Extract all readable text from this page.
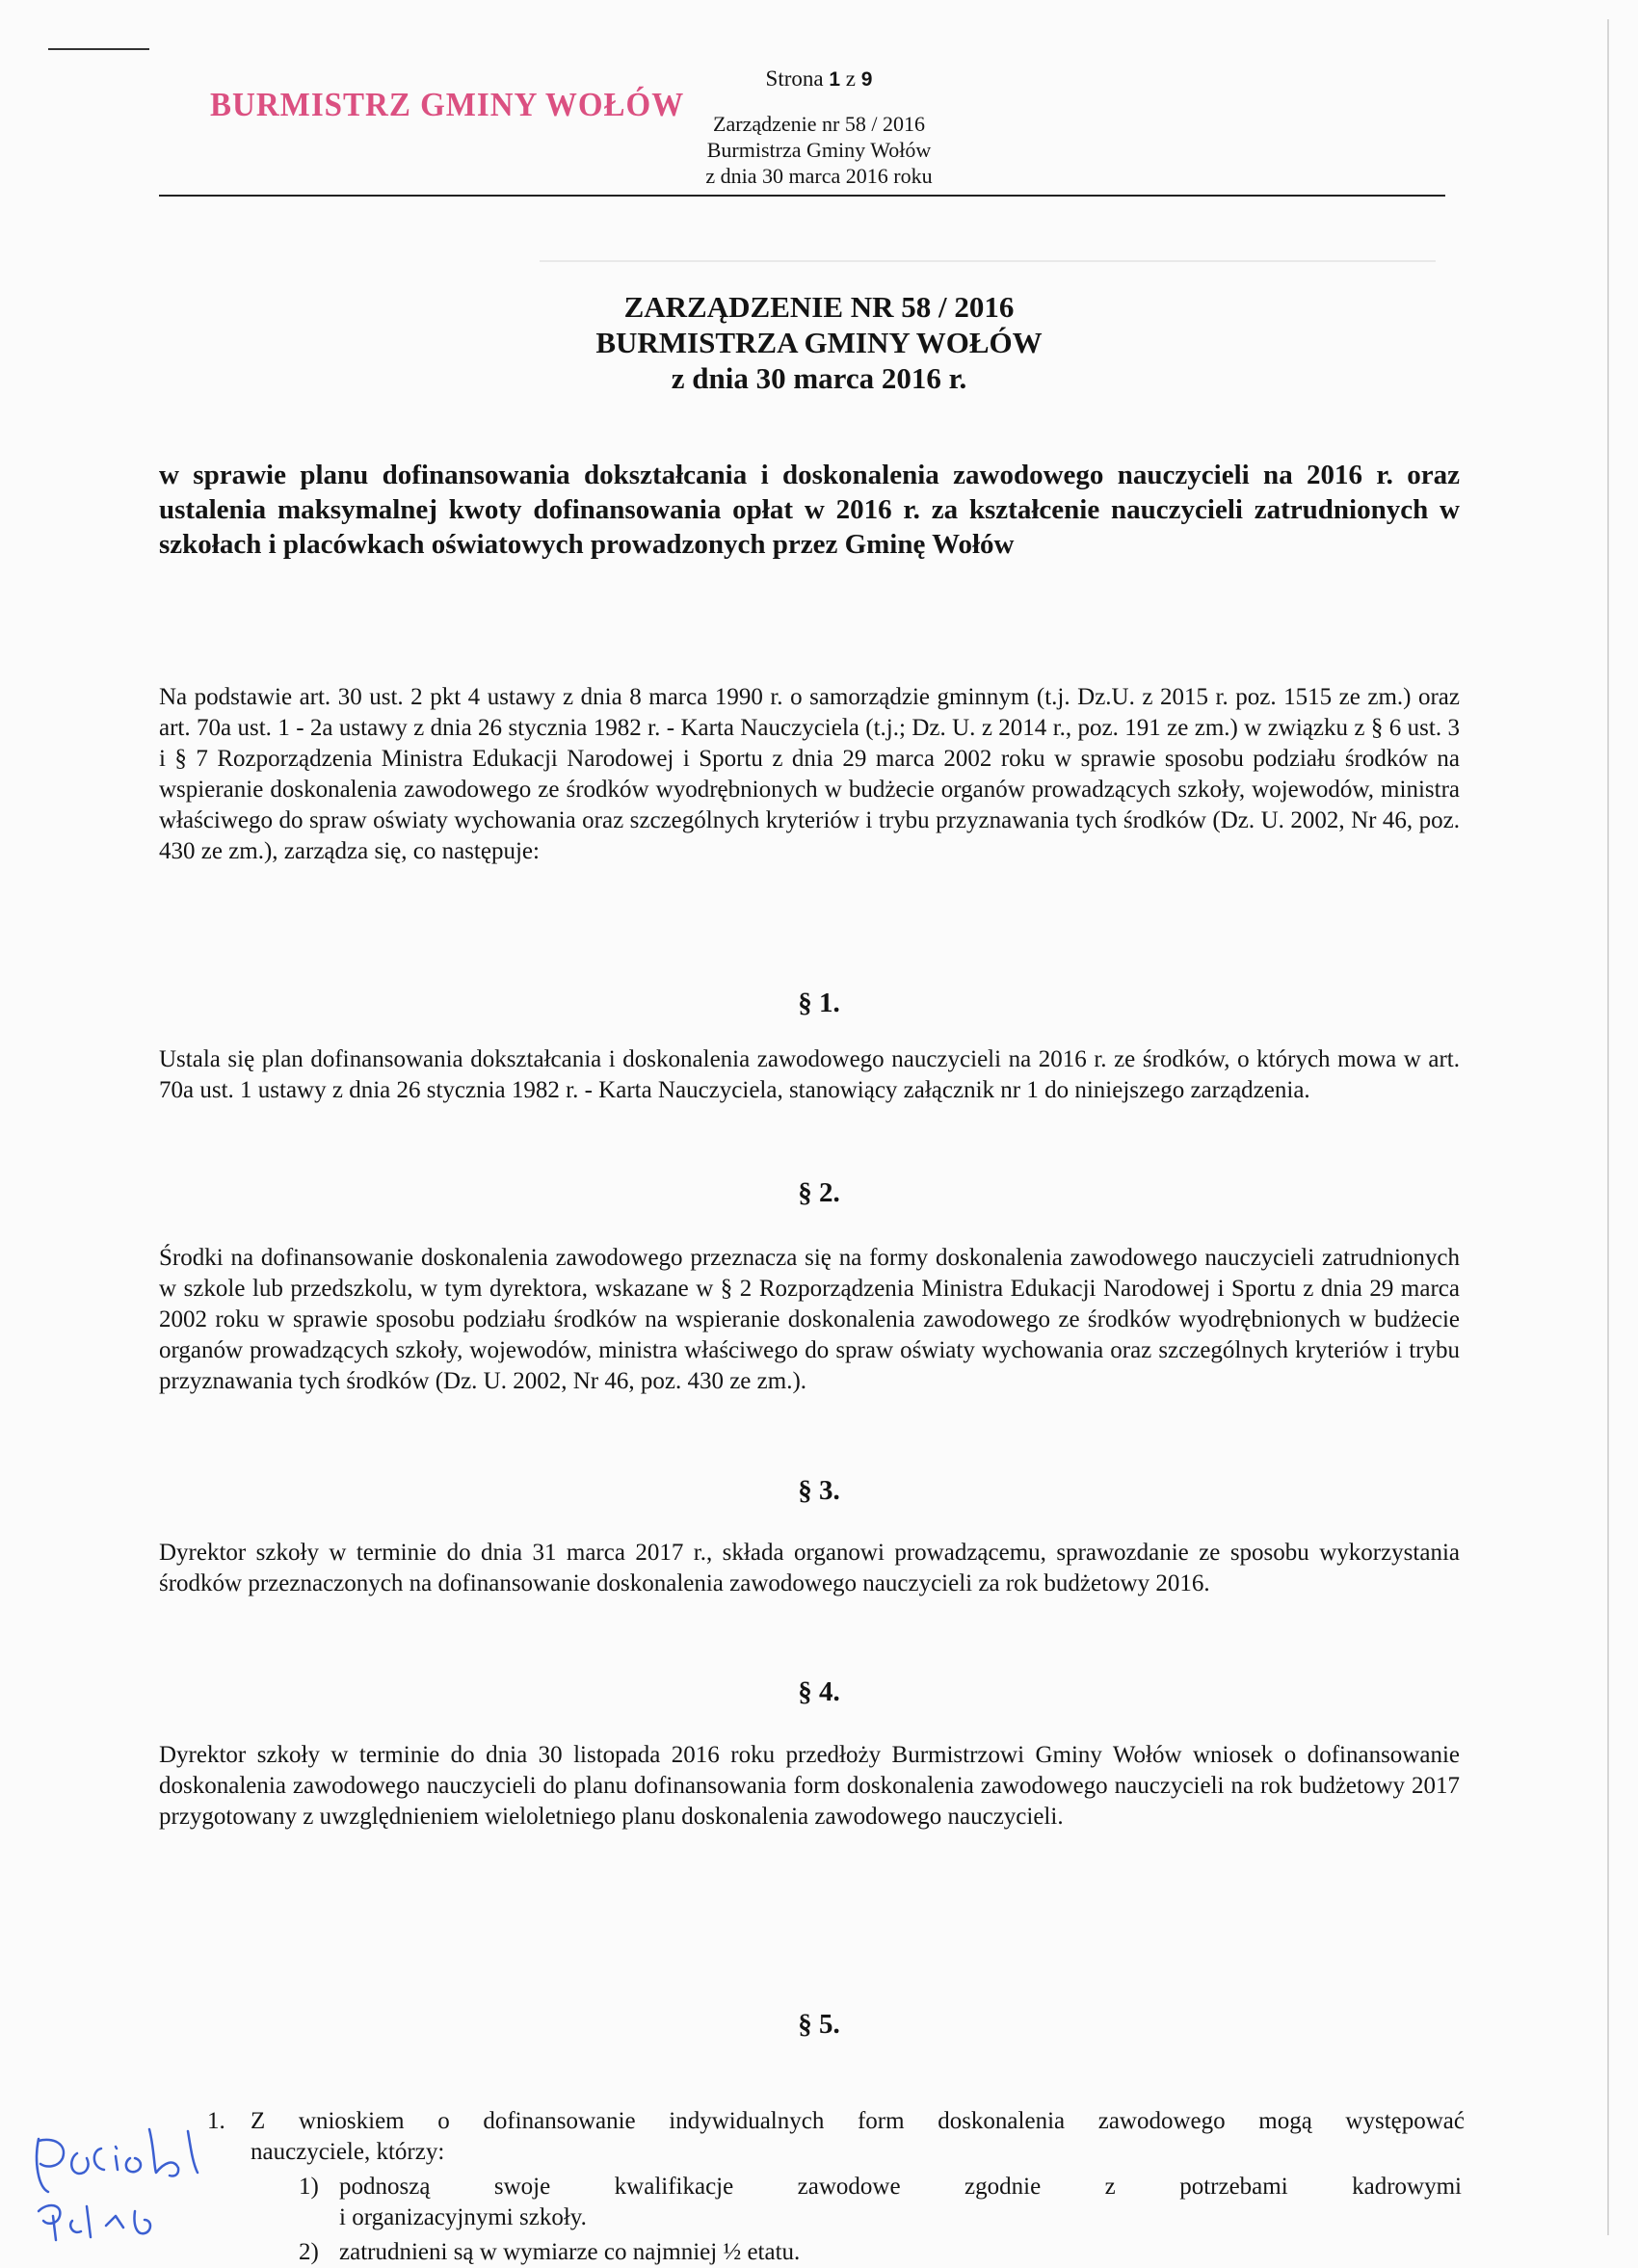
BURMISTRZ GMINY WOŁÓW
Strona 1 z 9
Zarządzenie nr 58 / 2016
Burmistrza Gminy Wołów
z dnia 30 marca 2016 roku
ZARZĄDZENIE NR 58 / 2016
BURMISTRZA GMINY WOŁÓW
z dnia 30 marca 2016 r.
w sprawie planu dofinansowania dokształcania i doskonalenia zawodowego nauczycieli na 2016 r. oraz ustalenia maksymalnej kwoty dofinansowania opłat w 2016 r. za kształcenie nauczycieli zatrudnionych w szkołach i placówkach oświatowych prowadzonych przez Gminę Wołów
Na podstawie art. 30 ust. 2 pkt 4 ustawy z dnia 8 marca 1990 r. o samorządzie gminnym (t.j. Dz.U. z 2015 r. poz. 1515 ze zm.) oraz art. 70a ust. 1 - 2a ustawy z dnia 26 stycznia 1982 r. - Karta Nauczyciela (t.j.; Dz. U. z 2014 r., poz. 191 ze zm.) w związku z § 6 ust. 3 i § 7 Rozporządzenia Ministra Edukacji Narodowej i Sportu z dnia 29 marca 2002 roku w sprawie sposobu podziału środków na wspieranie doskonalenia zawodowego ze środków wyodrębnionych w budżecie organów prowadzących szkoły, wojewodów, ministra właściwego do spraw oświaty wychowania oraz szczególnych kryteriów i trybu przyznawania tych środków (Dz. U. 2002, Nr 46, poz. 430 ze zm.), zarządza się, co następuje:
§ 1.
Ustala się plan dofinansowania dokształcania i doskonalenia zawodowego nauczycieli na 2016 r. ze środków, o których mowa w art. 70a ust. 1 ustawy z dnia 26 stycznia 1982 r. - Karta Nauczyciela, stanowiący załącznik nr 1 do niniejszego zarządzenia.
§ 2.
Środki na dofinansowanie doskonalenia zawodowego przeznacza się na formy doskonalenia zawodowego nauczycieli zatrudnionych w szkole lub przedszkolu, w tym dyrektora, wskazane w § 2 Rozporządzenia Ministra Edukacji Narodowej i Sportu z dnia 29 marca 2002 roku w sprawie sposobu podziału środków na wspieranie doskonalenia zawodowego ze środków wyodrębnionych w budżecie organów prowadzących szkoły, wojewodów, ministra właściwego do spraw oświaty wychowania oraz szczególnych kryteriów i trybu przyznawania tych środków (Dz. U. 2002, Nr 46, poz. 430 ze zm.).
§ 3.
Dyrektor szkoły w terminie do dnia 31 marca 2017 r., składa organowi prowadzącemu, sprawozdanie ze sposobu wykorzystania środków przeznaczonych na dofinansowanie doskonalenia zawodowego nauczycieli za rok budżetowy 2016.
§ 4.
Dyrektor szkoły w terminie do dnia 30 listopada 2016 roku przedłoży Burmistrzowi Gminy Wołów wniosek o dofinansowanie doskonalenia zawodowego nauczycieli do planu dofinansowania form doskonalenia zawodowego nauczycieli na rok budżetowy 2017 przygotowany z uwzględnieniem wieloletniego planu doskonalenia zawodowego nauczycieli.
§ 5.
1. Z wnioskiem o dofinansowanie indywidualnych form doskonalenia zawodowego mogą występować
nauczyciele, którzy:
1) podnoszą swoje kwalifikacje zawodowe zgodnie z potrzebami kadrowymi
i organizacyjnymi szkoły.
2) zatrudnieni są w wymiarze co najmniej ½ etatu.
